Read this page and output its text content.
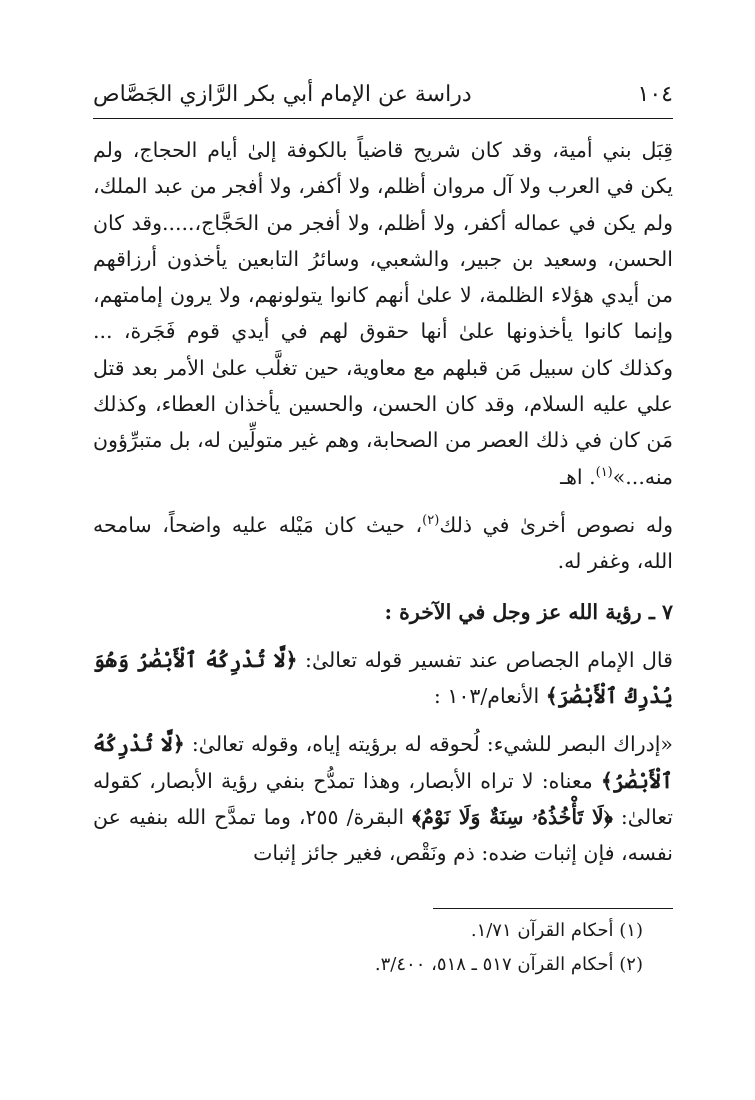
١٠٤
دراسة عن الإمام أبي بكر الرَّازي الجَصَّاص

قِبَل بني أمية، وقد كان شريح قاضياً بالكوفة إلىٰ أيام الحجاج، ولم يكن في العرب ولا آل مروان أظلم، ولا أكفر، ولا أفجر من عبد الملك، ولم يكن في عماله أكفر، ولا أظلم، ولا أفجر من الحَجَّاج،.....وقد كان الحسن، وسعيد بن جبير، والشعبي، وسائرُ التابعين يأخذون أرزاقهم من أيدي هؤلاء الظلمة، لا علىٰ أنهم كانوا يتولونهم، ولا يرون إمامتهم، وإنما كانوا يأخذونها علىٰ أنها حقوق لهم في أيدي قوم فَجَرة، ... وكذلك كان سبيل مَن قبلهم مع معاوية، حين تغلَّب علىٰ الأمر بعد قتل علي عليه السلام، وقد كان الحسن، والحسين يأخذان العطاء، وكذلك مَن كان في ذلك العصر من الصحابة، وهم غير متولِّين له، بل متبرِّؤون منه...»$^{(١)}$. اهـ

وله نصوص أخرىٰ في ذلك$^{(٢)}$، حيث كان مَيْله عليه واضحاً، سامحه الله، وغفر له.

٧ ـ رؤية الله عز وجل في الآخرة :

قال الإمام الجصاص عند تفسير قوله تعالىٰ: ﴿لَّا تُدْرِكُهُ ٱلْأَبْصَٰرُ وَهُوَ يُدْرِكُ ٱلْأَبْصَٰرَ﴾ الأنعام/١٠٣ :

«إدراك البصر للشيء: لُحوقه له برؤيته إياه، وقوله تعالىٰ: ﴿لَّا تُدْرِكُهُ ٱلْأَبْصَٰرُ﴾ معناه: لا تراه الأبصار، وهذا تمدُّح بنفي رؤية الأبصار، كقوله تعالىٰ: ﴿لَا تَأْخُذُهُۥ سِنَةٌ وَلَا نَوْمٌ﴾ البقرة/ ٢٥٥، وما تمدَّح الله بنفيه عن نفسه، فإن إثبات ضده: ذم ونَقْص، فغير جائز إثبات

(١) أحكام القرآن ١/٧١.

(٢) أحكام القرآن ٥١٧ ـ ٥١٨، ٣/٤٠٠.
